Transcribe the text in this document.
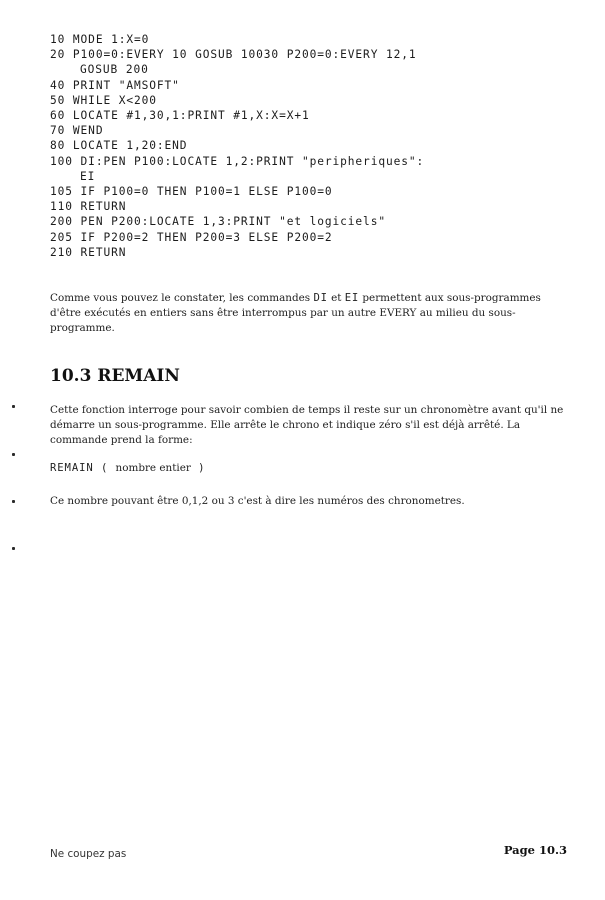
10 MODE 1:X=0
20 P100=0:EVERY 10 GOSUB 10030 P200=0:EVERY 12,1
GOSUB 200
40 PRINT "AMSOFT"
50 WHILE X<200
60 LOCATE #1,30,1:PRINT #1,X:X=X+1
70 WEND
80 LOCATE 1,20:END
100 DI:PEN P100:LOCATE 1,2:PRINT "peripheriques":
EI
105 IF P100=0 THEN P100=1 ELSE P100=0
110 RETURN
200 PEN P200:LOCATE 1,3:PRINT "et logiciels"
205 IF P200=2 THEN P200=3 ELSE P200=2
210 RETURN

Comme vous pouvez le constater, les commandes DI et EI permettent aux sous-programmes d'être exécutés en entiers sans être interrompus par un autre EVERY au milieu du sous-programme.

10.3 REMAIN

Cette fonction interroge pour savoir combien de temps il reste sur un chronomètre avant qu'il ne démarre un sous-programme. Elle arrête le chrono et indique zéro s'il est déjà arrêté. La commande prend la forme:

REMAIN ( nombre entier )

Ce nombre pouvant être 0,1,2 ou 3 c'est à dire les numéros des chronometres.

Ne coupez pas	Page 10.3
